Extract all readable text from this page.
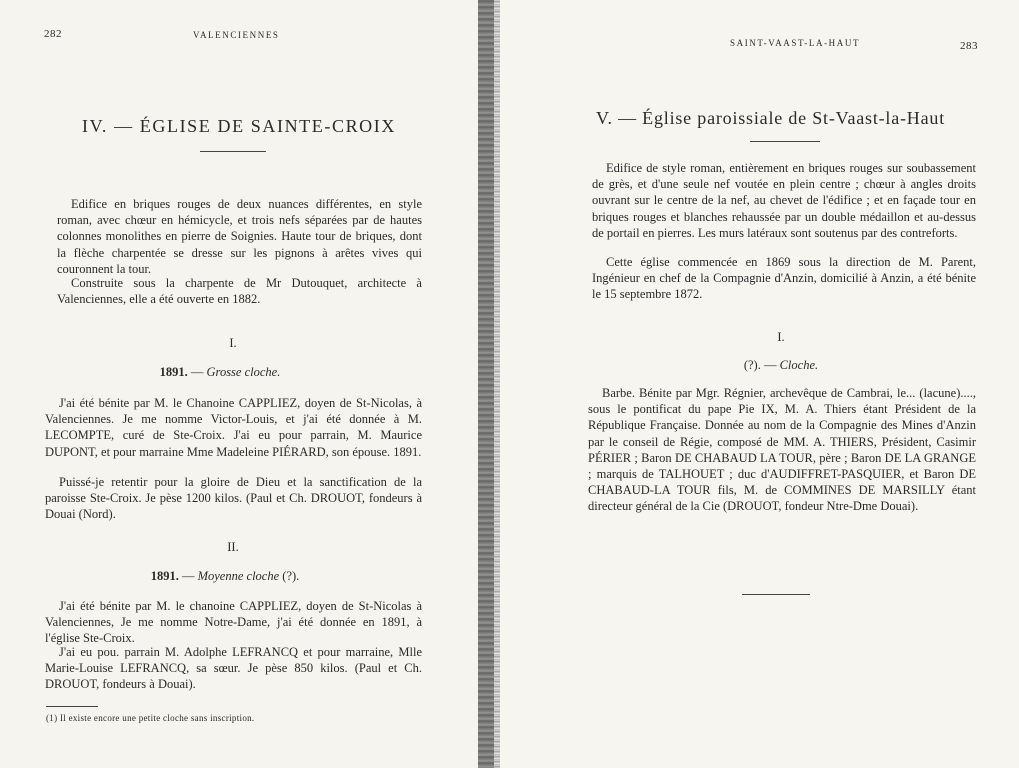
282	VALENCIENNES
IV. — ÉGLISE DE SAINTE-CROIX

Edifice en briques rouges de deux nuances différentes, en style roman, avec chœur en hémicycle, et trois nefs séparées par de hautes colonnes monolithes en pierre de Soignies. Haute tour de briques, dont la flèche charpentée se dresse sur les pignons à arêtes vives qui couronnent la tour.

Construite sous la charpente de Mr Dutouquet, architecte à Valenciennes, elle a été ouverte en 1882.

I.
1891. — Grosse cloche.

J'ai été bénite par M. le Chanoine CAPPLIEZ, doyen de St-Nicolas, à Valenciennes. Je me nomme Victor-Louis, et j'ai été donnée à M. LECOMPTE, curé de Ste-Croix. J'ai eu pour parrain, M. Maurice DUPONT, et pour marraine Mme Madeleine PIÉRARD, son épouse. 1891.

Puissé-je retentir pour la gloire de Dieu et la sanctification de la paroisse Ste-Croix. Je pèse 1200 kilos. (Paul et Ch. DROUOT, fondeurs à Douai (Nord).

II.
1891. — Moyenne cloche (?).

J'ai été bénite par M. le chanoine CAPPLIEZ, doyen de St-Nicolas à Valenciennes, Je me nomme Notre-Dame, j'ai été donnée en 1891, à l'église Ste-Croix.

J'ai eu pou. parrain M. Adolphe LEFRANCQ et pour marraine, Mlle Marie-Louise LEFRANCQ, sa sœur. Je pèse 850 kilos. (Paul et Ch. DROUOT, fondeurs à Douai).

(1) Il existe encore une petite cloche sans inscription.
SAINT-VAAST-LA-HAUT	283
V. — Église paroissiale de St-Vaast-la-Haut

Edifice de style roman, entièrement en briques rouges sur soubassement de grès, et d'une seule nef voutée en plein centre ; chœur à angles droits ouvrant sur le centre de la nef, au chevet de l'édifice ; et en façade tour en briques rouges et blanches rehaussée par un double médaillon et au-dessus de portail en pierres. Les murs latéraux sont soutenus par des contreforts.

Cette église commencée en 1869 sous la direction de M. Parent, Ingénieur en chef de la Compagnie d'Anzin, domicilié à Anzin, a été bénite le 15 septembre 1872.

I.
(?). — Cloche.

Barbe. Bénite par Mgr. Régnier, archevêque de Cambrai, le... (lacune)...., sous le pontificat du pape Pie IX, M. A. Thiers étant Président de la République Française. Donnée au nom de la Compagnie des Mines d'Anzin par le conseil de Régie, composé de MM. A. THIERS, Président, Casimir PÉRIER ; Baron DE CHABAUD LA TOUR, père ; Baron DE LA GRANGE ; marquis de TALHOUET ; duc d'AUDIFFRET-PASQUIER, et Baron DE CHABAUD-LA TOUR fils, M. de COMMINES DE MARSILLY étant directeur général de la Cie (DROUOT, fondeur Ntre-Dme Douai).
